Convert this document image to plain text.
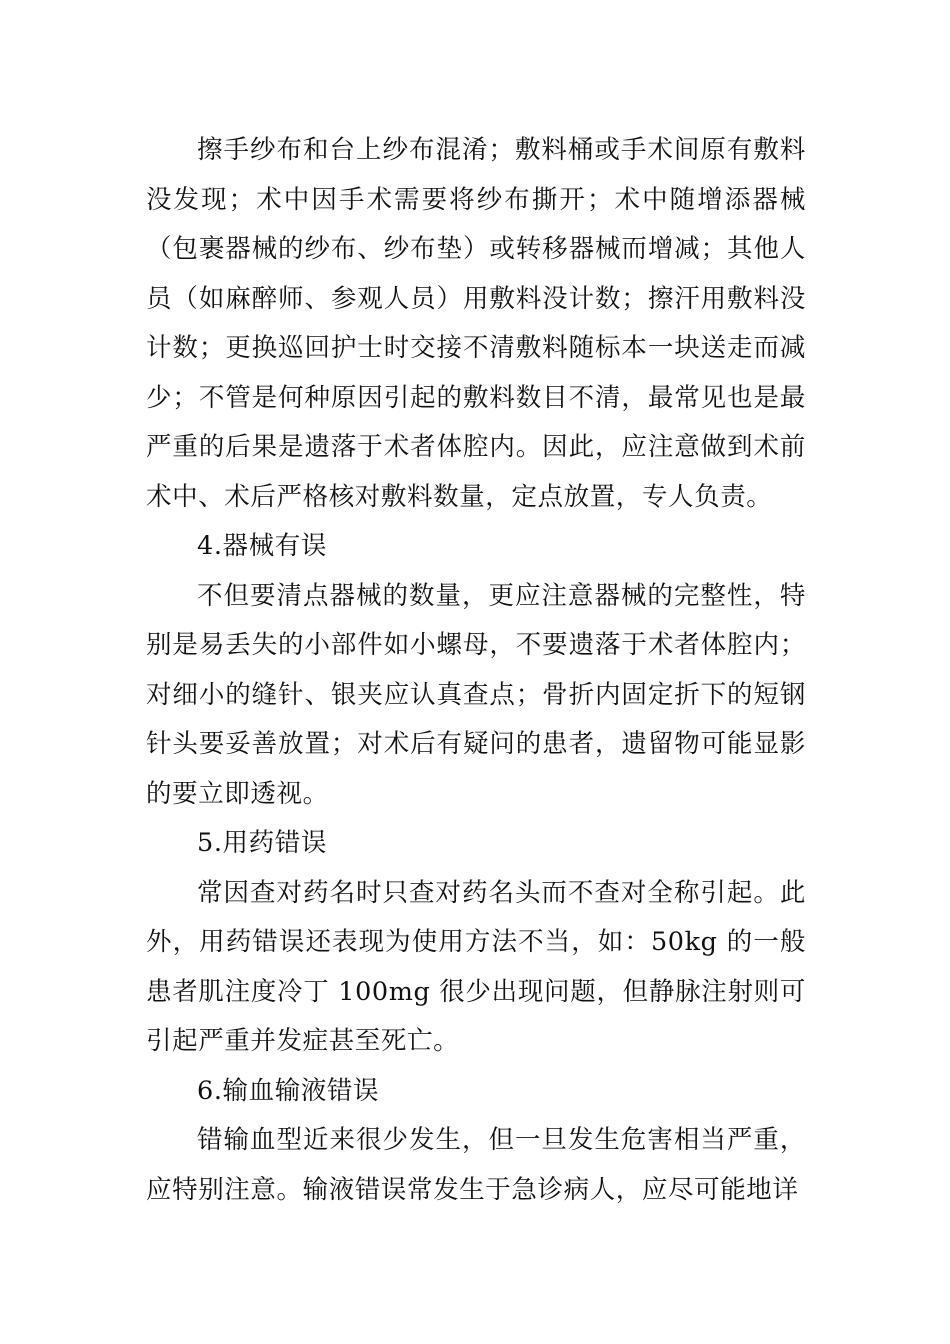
擦手纱布和台上纱布混淆；敷料桶或手术间原有敷料没发现；术中因手术需要将纱布撕开；术中随增添器械（包裹器械的纱布、纱布垫）或转移器械而增减；其他人员（如麻醉师、参观人员）用敷料没计数；擦汗用敷料没计数；更换巡回护士时交接不清敷料随标本一块送走而减少；不管是何种原因引起的敷料数目不清，最常见也是最严重的后果是遗落于术者体腔内。因此，应注意做到术前术中、术后严格核对敷料数量，定点放置，专人负责。

4.器械有误

不但要清点器械的数量，更应注意器械的完整性，特别是易丢失的小部件如小螺母，不要遗落于术者体腔内；对细小的缝针、银夹应认真查点；骨折内固定折下的短钢针头要妥善放置；对术后有疑问的患者，遗留物可能显影的要立即透视。

5.用药错误

常因查对药名时只查对药名头而不查对全称引起。此外，用药错误还表现为使用方法不当，如：50kg 的一般患者肌注度冷丁 100mg 很少出现问题，但静脉注射则可引起严重并发症甚至死亡。

6.输血输液错误

错输血型近来很少发生，但一旦发生危害相当严重，应特别注意。输液错误常发生于急诊病人，应尽可能地详
